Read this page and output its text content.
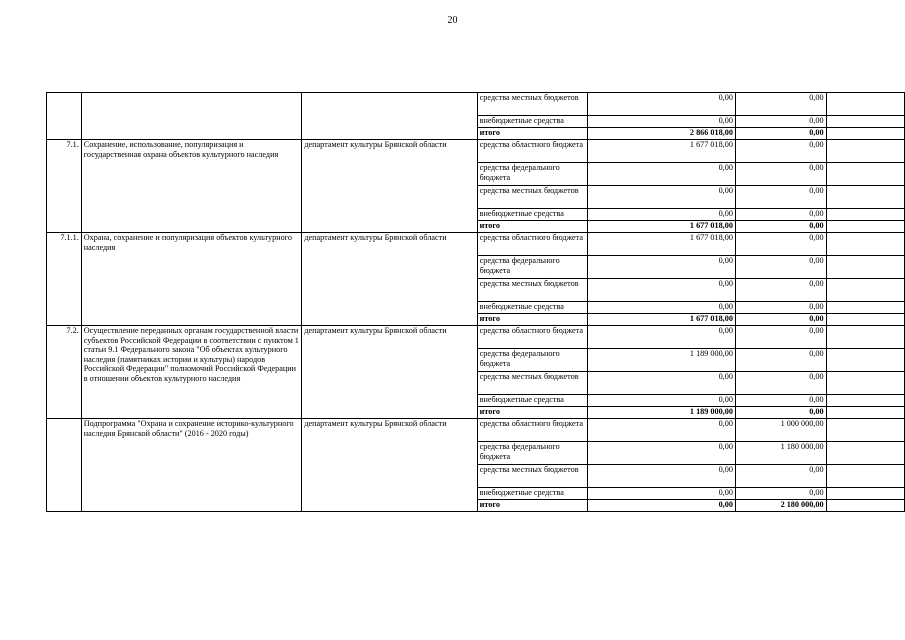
20
			средства местных бюджетов	0,00	0,00	
			внебюджетные средства	0,00	0,00	
			итого	2 866 018,00	0,00	
7.1.	Сохранение, использование, популяризация и государственная охрана объектов культурного наследия	департамент культуры Брянской области	средства областного бюджета	1 677 018,00	0,00	
			средства федерального бюджета	0,00	0,00	
			средства местных бюджетов	0,00	0,00	
			внебюджетные средства	0,00	0,00	
			итого	1 677 018,00	0,00	
7.1.1.	Охрана, сохранение и популяризация объектов культурного наследия	департамент культуры Брянской области	средства областного бюджета	1 677 018,00	0,00	
			средства федерального бюджета	0,00	0,00	
			средства местных бюджетов	0,00	0,00	
			внебюджетные средства	0,00	0,00	
			итого	1 677 018,00	0,00	
7.2.	Осуществление переданных органам государственной власти субъектов Российской Федерации в соответствии с пунктом 1 статьи 9.1 Федерального закона "Об объектах культурного наследия (памятниках истории и культуры) народов Российской Федерации" полномочий Российской Федерации в отношении объектов культурного наследия	департамент культуры Брянской области	средства областного бюджета	0,00	0,00	
			средства федерального бюджета	1 189 000,00	0,00	
			средства местных бюджетов	0,00	0,00	
			внебюджетные средства	0,00	0,00	
			итого	1 189 000,00	0,00	
	Подпрограмма "Охрана и сохранение историко-культурного наследия Брянской области" (2016 - 2020 годы)	департамент культуры Брянской области	средства областного бюджета	0,00	1 000 000,00	
			средства федерального бюджета	0,00	1 180 000,00	
			средства местных бюджетов	0,00	0,00	
			внебюджетные средства	0,00	0,00	
			итого	0,00	2 180 000,00	
